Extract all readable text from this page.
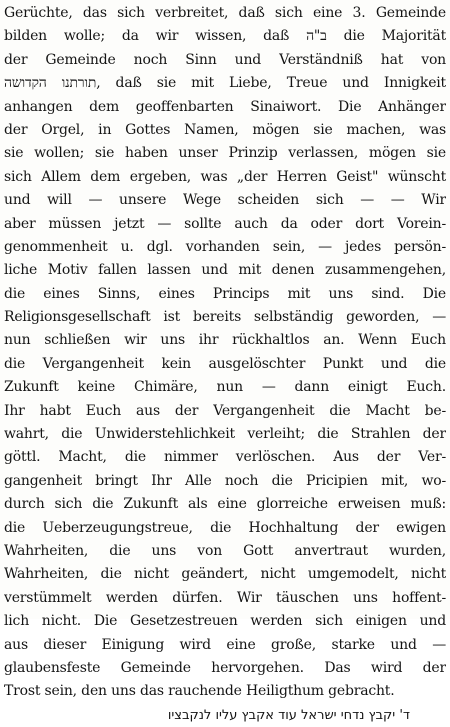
Gerüchte, das sich verbreitet, daß sich eine 3. Gemeinde
bilden wolle; da wir wissen, daß ב"ה die Majorität
der Gemeinde noch Sinn und Verständniß hat von
תורתנו הקדושה, daß sie mit Liebe, Treue und Innigkeit
anhangen dem geoffenbarten Sinaiwort. Die Anhänger
der Orgel, in Gottes Namen, mögen sie machen, was
sie wollen; sie haben unser Prinzip verlassen, mögen sie
sich Allem dem ergeben, was „der Herren Geist" wünscht
und will — unsere Wege scheiden sich — — Wir
aber müssen jetzt — sollte auch da oder dort Vorein-
genommenheit u. dgl. vorhanden sein, — jedes persön-
liche Motiv fallen lassen und mit denen zusammengehen,
die eines Sinns, eines Princips mit uns sind. Die
Religionsgesellschaft ist bereits selbständig geworden, —
nun schließen wir uns ihr rückhaltlos an. Wenn Euch
die Vergangenheit kein ausgelöschter Punkt und die
Zukunft keine Chimäre, nun — dann einigt Euch.
Ihr habt Euch aus der Vergangenheit die Macht be-
wahrt, die Unwiderstehlichkeit verleiht; die Strahlen der
göttl. Macht, die nimmer verlöschen. Aus der Ver-
gangenheit bringt Ihr Alle noch die Pricipien mit, wo-
durch sich die Zukunft als eine glorreiche erweisen muß:
die Ueberzeugungstreue, die Hochhaltung der ewigen
Wahrheiten, die uns von Gott anvertraut wurden,
Wahrheiten, die nicht geändert, nicht umgemodelt, nicht
verstümmelt werden dürfen. Wir täuschen uns hoffent-
lich nicht. Die Gesetzestreuen werden sich einigen und
aus dieser Einigung wird eine große, starke und —
glaubensfeste Gemeinde hervorgehen. Das wird der
Trost sein, den uns das rauchende Heiligthum gebracht.
ד' יקבץ נדחי ישראל עוד אקבץ עליו לנקבציו
